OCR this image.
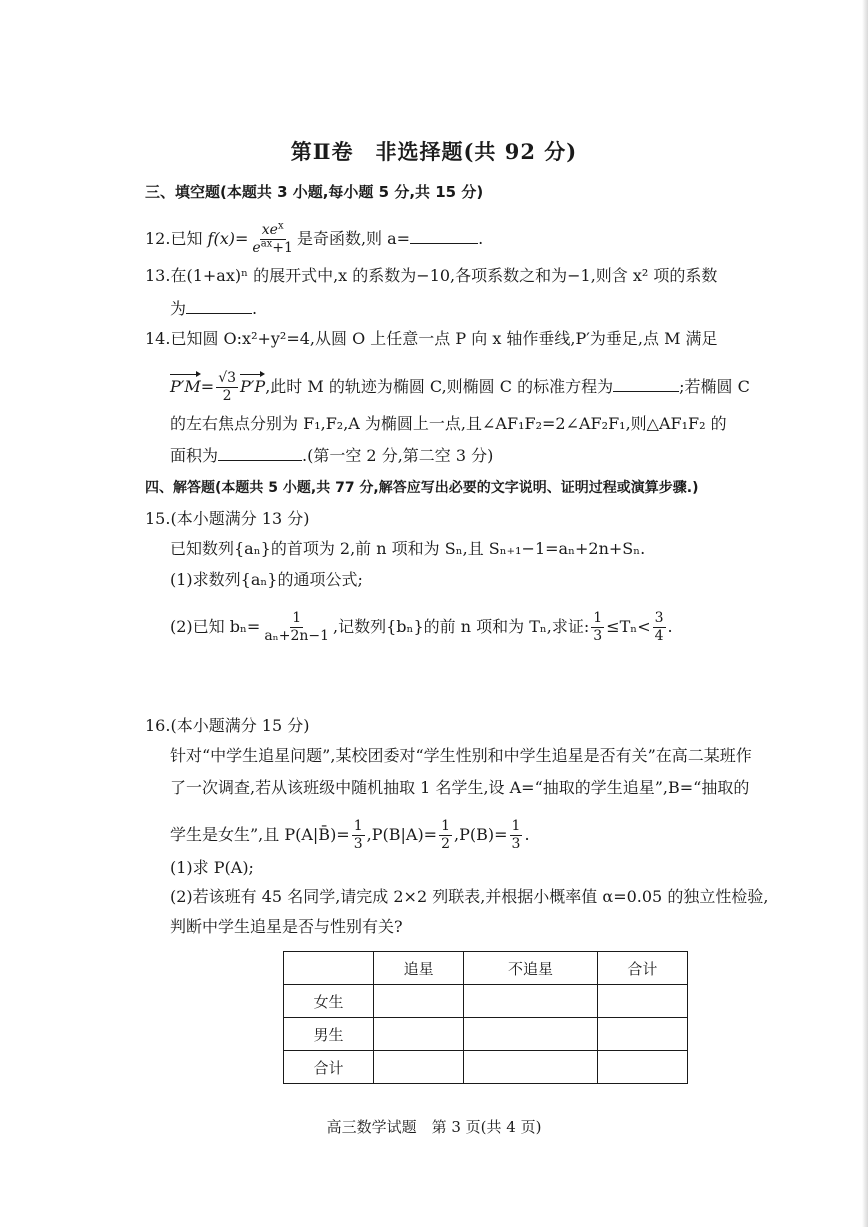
第Ⅱ卷　非选择题(共 92 分)
三、填空题(本题共 3 小题,每小题 5 分,共 15 分)
12.已知 $f(x)= \frac{xe^x}{e^{ax}+1}$ 是奇函数,则 a=	.
13.在(1+ax)ⁿ 的展开式中,x 的系数为−10,各项系数之和为−1,则含 x² 项的系数
为	.
14.已知圆 O:x²+y²=4,从圆 O 上任意一点 P 向 x 轴作垂线,P′为垂足,点 M 满足
$P'M= \frac{√3}{2} P'P$,此时 M 的轨迹为椭圆 C,则椭圆 C 的标准方程为	;若椭圆 C
的左右焦点分别为 F₁,F₂,A 为椭圆上一点,且∠AF₁F₂=2∠AF₂F₁,则△AF₁F₂ 的
面积为	.(第一空 2 分,第二空 3 分)
四、解答题(本题共 5 小题,共 77 分,解答应写出必要的文字说明、证明过程或演算步骤.)
15.(本小题满分 13 分)
已知数列{aₙ}的首项为 2,前 n 项和为 Sₙ,且 Sₙ₊₁−1=aₙ+2n+Sₙ.
(1)求数列{aₙ}的通项公式;
(2)已知 $b_n= \frac{1}{\text{aₙ+2n−1}}$ ,记数列{bₙ}的前 n 项和为 Tₙ,求证: $\frac{1}{3} \le T_n< \frac{3}{4}$ .
16.(本小题满分 15 分)
针对“中学生追星问题”,某校团委对“学生性别和中学生追星是否有关”在高二某班作
了一次调查,若从该班级中随机抽取 1 名学生,设 A=“抽取的学生追星”,B=“抽取的
学生是女生”,且 P(A|B̄)= $\frac{1}{3} ,P(B|A)= \frac{1}{2} ,P(B)= \frac{1}{3}$ .
(1)求 P(A);
(2)若该班有 45 名同学,请完成 2×2 列联表,并根据小概率值 α=0.05 的独立性检验,
判断中学生追星是否与性别有关?
	追星	不追星	合计
女生			
男生			
合计			
高三数学试题　第 3 页(共 4 页)
